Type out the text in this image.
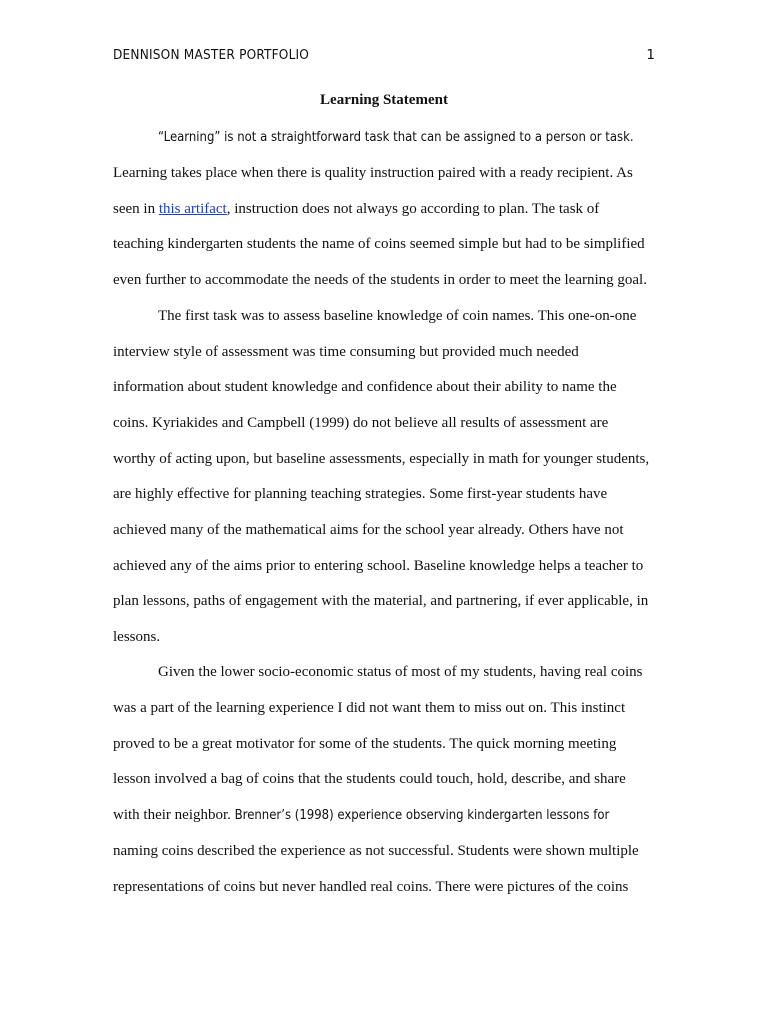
DENNISON MASTER PORTFOLIO	1
Learning Statement
“Learning” is not a straightforward task that can be assigned to a person or task.
Learning takes place when there is quality instruction paired with a ready recipient. As
seen in this artifact, instruction does not always go according to plan. The task of
teaching kindergarten students the name of coins seemed simple but had to be simplified
even further to accommodate the needs of the students in order to meet the learning goal.
The first task was to assess baseline knowledge of coin names. This one-on-one
interview style of assessment was time consuming but provided much needed
information about student knowledge and confidence about their ability to name the
coins. Kyriakides and Campbell (1999) do not believe all results of assessment are
worthy of acting upon, but baseline assessments, especially in math for younger students,
are highly effective for planning teaching strategies. Some first-year students have
achieved many of the mathematical aims for the school year already. Others have not
achieved any of the aims prior to entering school. Baseline knowledge helps a teacher to
plan lessons, paths of engagement with the material, and partnering, if ever applicable, in
lessons.
Given the lower socio-economic status of most of my students, having real coins
was a part of the learning experience I did not want them to miss out on. This instinct
proved to be a great motivator for some of the students. The quick morning meeting
lesson involved a bag of coins that the students could touch, hold, describe, and share
with their neighbor. Brenner’s (1998) experience observing kindergarten lessons for
naming coins described the experience as not successful. Students were shown multiple
representations of coins but never handled real coins. There were pictures of the coins
